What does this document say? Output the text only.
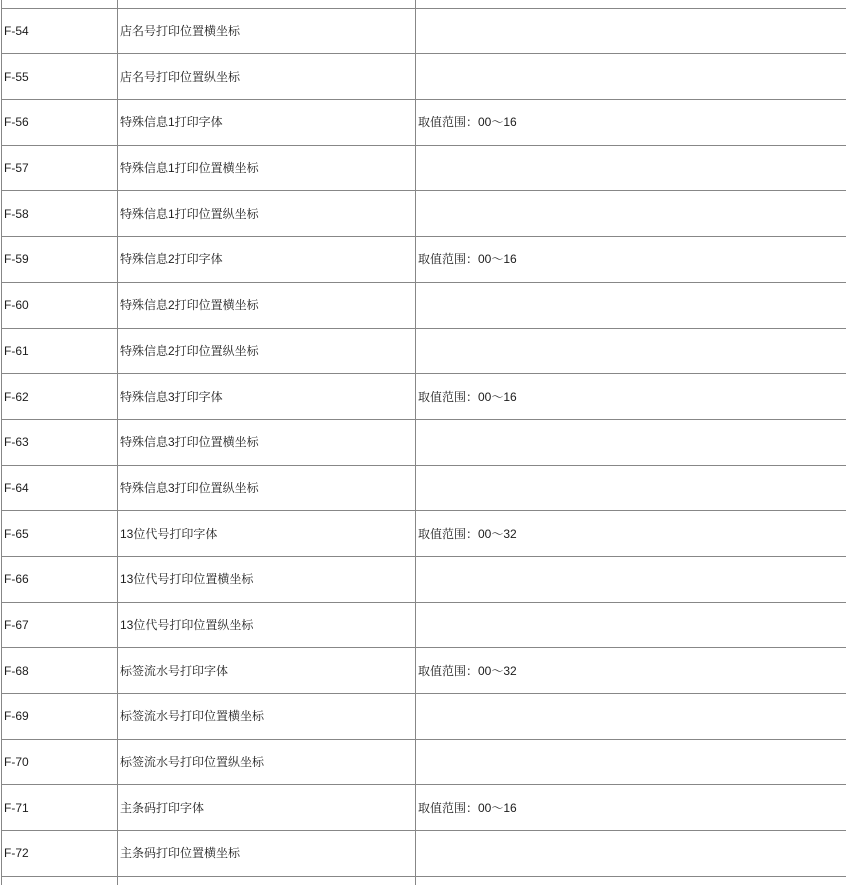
F-54	店名号打印位置横坐标	
F-55	店名号打印位置纵坐标	
F-56	特殊信息1打印字体	取值范围：00～16
F-57	特殊信息1打印位置横坐标	
F-58	特殊信息1打印位置纵坐标	
F-59	特殊信息2打印字体	取值范围：00～16
F-60	特殊信息2打印位置横坐标	
F-61	特殊信息2打印位置纵坐标	
F-62	特殊信息3打印字体	取值范围：00～16
F-63	特殊信息3打印位置横坐标	
F-64	特殊信息3打印位置纵坐标	
F-65	13位代号打印字体	取值范围：00～32
F-66	13位代号打印位置横坐标	
F-67	13位代号打印位置纵坐标	
F-68	标签流水号打印字体	取值范围：00～32
F-69	标签流水号打印位置横坐标	
F-70	标签流水号打印位置纵坐标	
F-71	主条码打印字体	取值范围：00～16
F-72	主条码打印位置横坐标	
